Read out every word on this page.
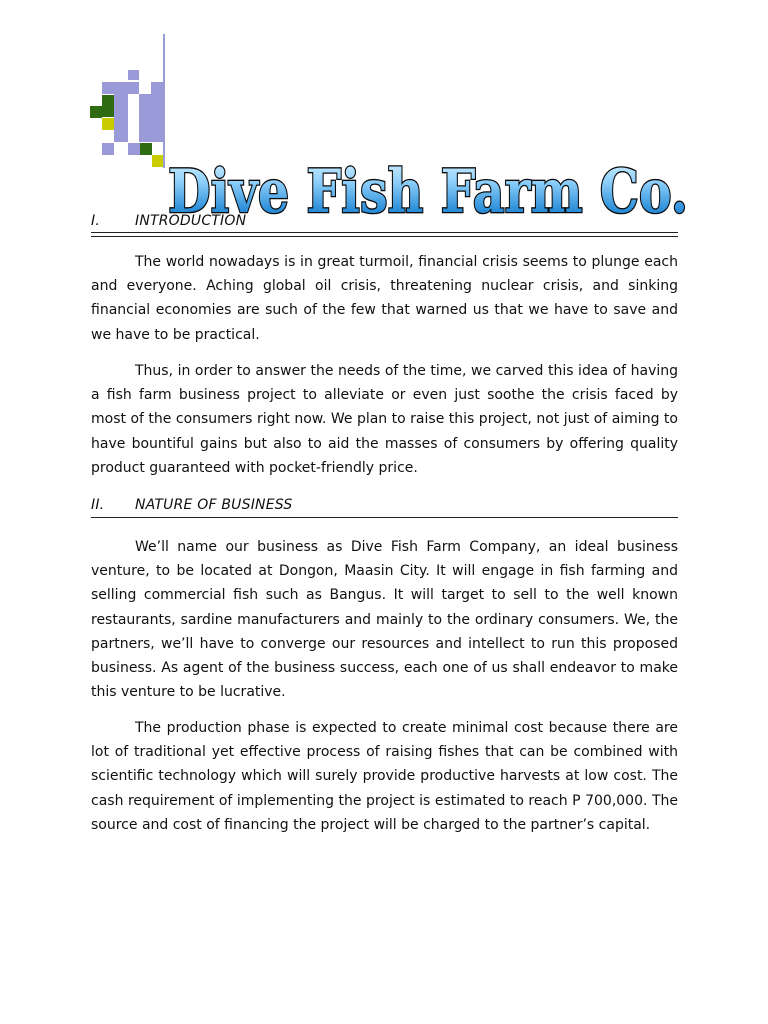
Dive Fish Farm Co.
I.	INTRODUCTION

The world nowadays is in great turmoil, financial crisis seems to plunge each and everyone. Aching global oil crisis, threatening nuclear crisis, and sinking financial economies are such of the few that warned us that we have to save and we have to be practical.

Thus, in order to answer the needs of the time, we carved this idea of having a fish farm business project to alleviate or even just soothe the crisis faced by most of the consumers right now. We plan to raise this project, not just of aiming to have bountiful gains but also to aid the masses of consumers by offering quality product guaranteed with pocket-friendly price.

II. NATURE OF BUSINESS

We’ll name our business as Dive Fish Farm Company, an ideal business venture, to be located at Dongon, Maasin City. It will engage in fish farming and selling commercial fish such as Bangus. It will target to sell to the well known restaurants, sardine manufacturers and mainly to the ordinary consumers. We, the partners, we’ll have to converge our resources and intellect to run this proposed business. As agent of the business success, each one of us shall endeavor to make this venture to be lucrative.

The production phase is expected to create minimal cost because there are lot of traditional yet effective process of raising fishes that can be combined with scientific technology which will surely provide productive harvests at low cost. The cash requirement of implementing the project is estimated to reach P 700,000. The source and cost of financing the project will be charged to the partner’s capital.
